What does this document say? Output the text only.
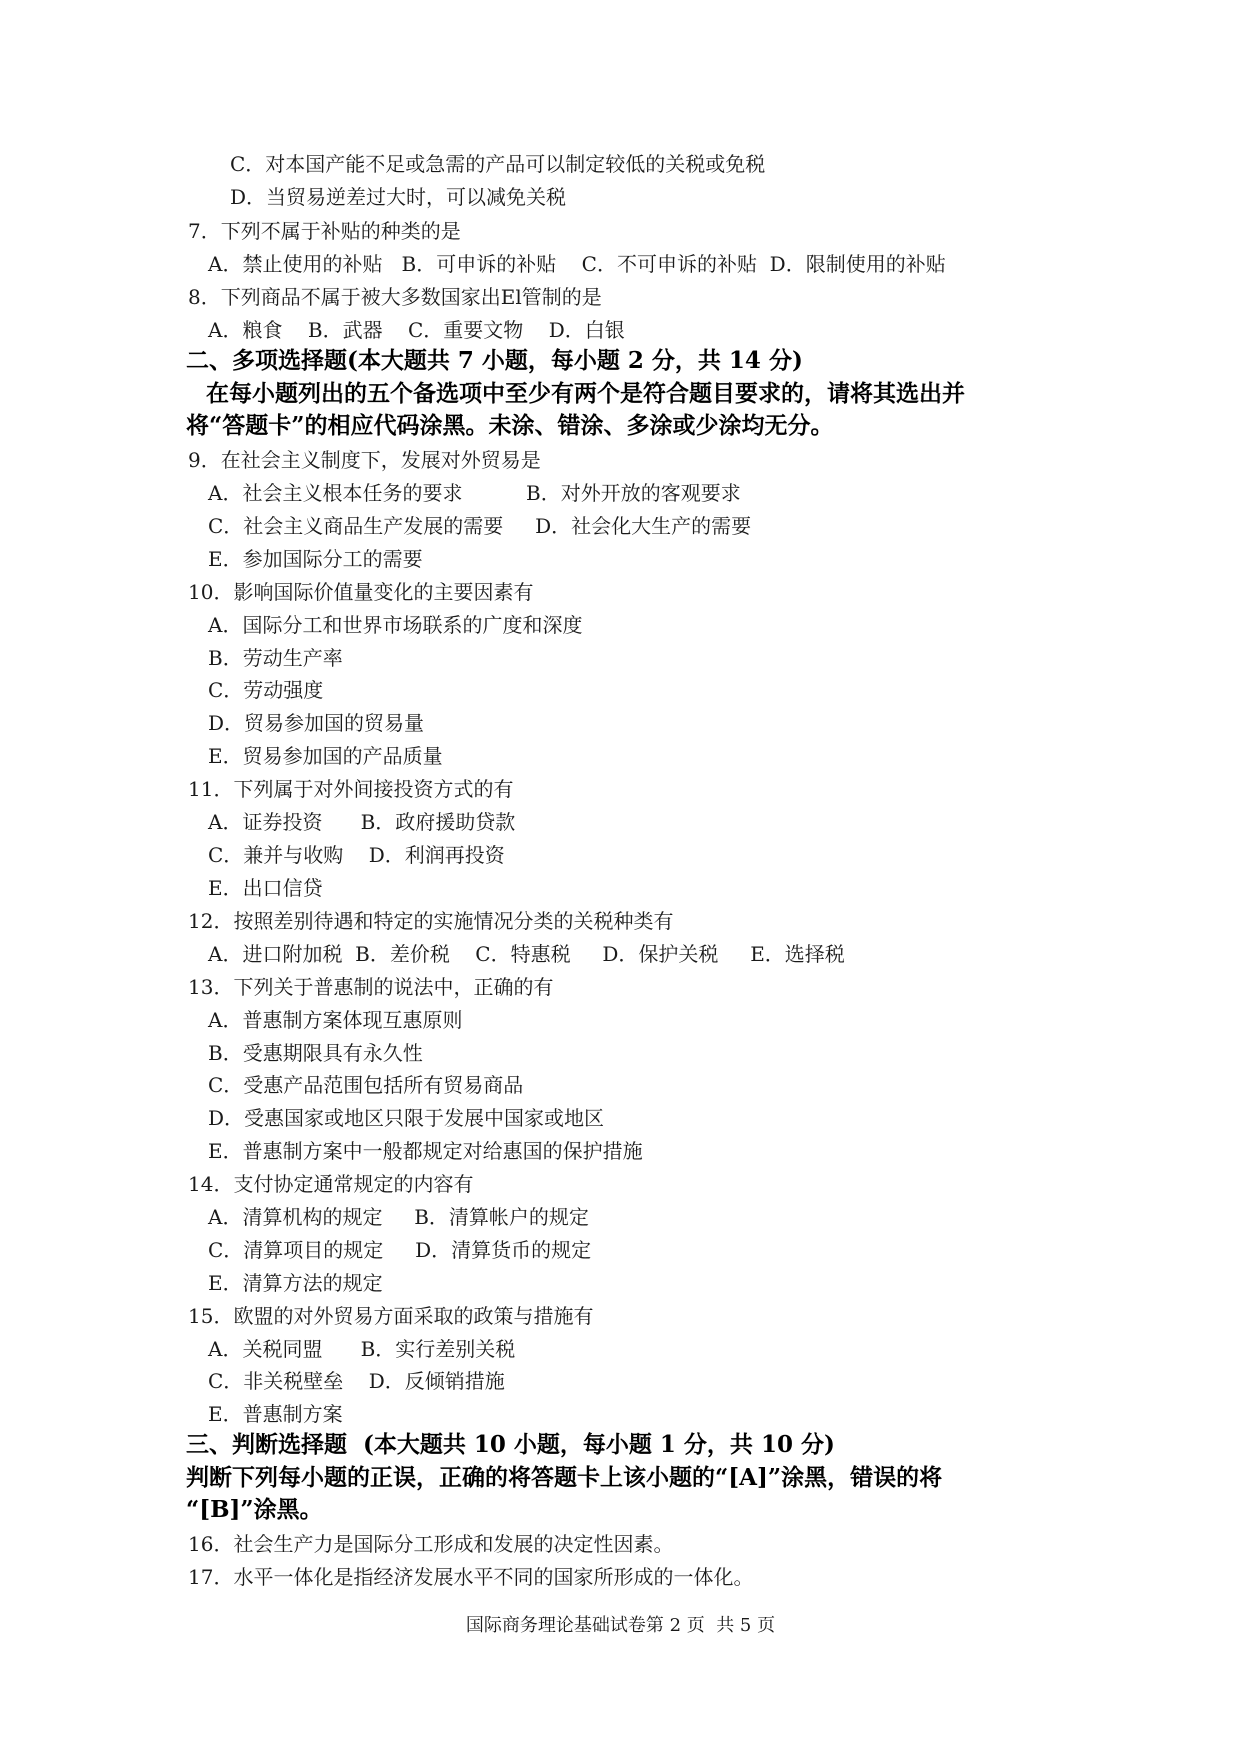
C．对本国产能不足或急需的产品可以制定较低的关税或免税
D．当贸易逆差过大时，可以减免关税
7．下列不属于补贴的种类的是
A．禁止使用的补贴   B．可申诉的补贴    C．不可申诉的补贴  D．限制使用的补贴
8．下列商品不属于被大多数国家出El管制的是
A．粮食    B．武器    C．重要文物    D．白银
二、多项选择题(本大题共 7 小题，每小题 2 分，共 14 分)
在每小题列出的五个备选项中至少有两个是符合题目要求的，请将其选出并
将“答题卡”的相应代码涂黑。未涂、错涂、多涂或少涂均无分。
9．在社会主义制度下，发展对外贸易是
A．社会主义根本任务的要求          B．对外开放的客观要求
C．社会主义商品生产发展的需要     D．社会化大生产的需要
E．参加国际分工的需要
10．影响国际价值量变化的主要因素有
A．国际分工和世界市场联系的广度和深度
B．劳动生产率
C．劳动强度
D．贸易参加国的贸易量
E．贸易参加国的产品质量
11．下列属于对外间接投资方式的有
A．证券投资      B．政府援助贷款
C．兼并与收购    D．利润再投资
E．出口信贷
12．按照差别待遇和特定的实施情况分类的关税种类有
A．进口附加税  B．差价税    C．特惠税     D．保护关税     E．选择税
13．下列关于普惠制的说法中，正确的有
A．普惠制方案体现互惠原则
B．受惠期限具有永久性
C．受惠产品范围包括所有贸易商品
D．受惠国家或地区只限于发展中国家或地区
E．普惠制方案中一般都规定对给惠国的保护措施
14．支付协定通常规定的内容有
A．清算机构的规定     B．清算帐户的规定
C．清算项目的规定     D．清算货币的规定
E．清算方法的规定
15．欧盟的对外贸易方面采取的政策与措施有
A．关税同盟      B．实行差别关税
C．非关税壁垒    D．反倾销措施
E．普惠制方案
三、判断选择题  (本大题共 10 小题，每小题 1 分，共 10 分)
判断下列每小题的正误，正确的将答题卡上该小题的“[A]”涂黑，错误的将
“[B]”涂黑。
16．社会生产力是国际分工形成和发展的决定性因素。
17．水平一体化是指经济发展水平不同的国家所形成的一体化。
国际商务理论基础试卷第 2 页  共 5 页
